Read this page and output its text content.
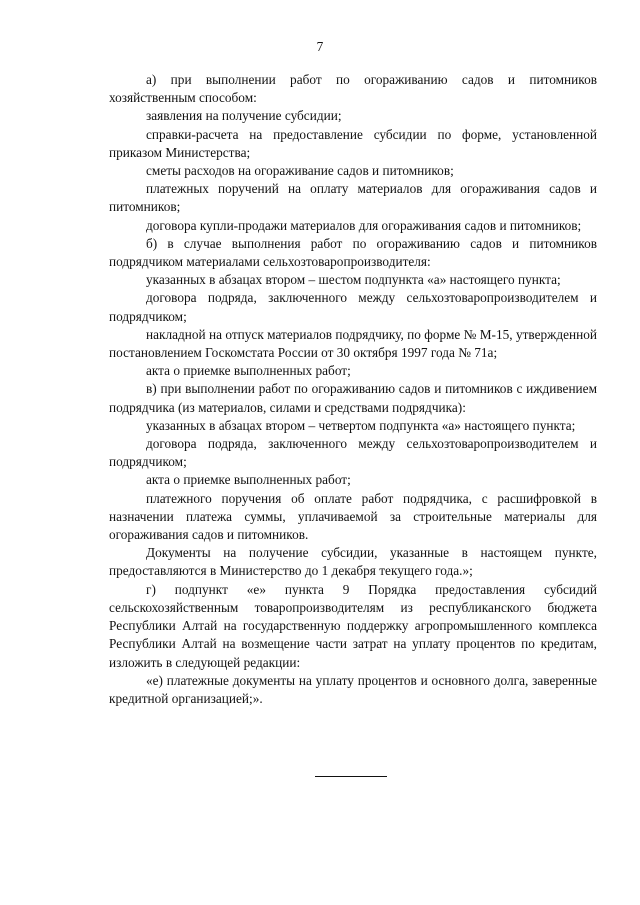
7

а) при выполнении работ по огораживанию садов и питомников хозяйственным способом:

заявления на получение субсидии;

справки-расчета на предоставление субсидии по форме, установленной приказом Министерства;

сметы расходов на огораживание садов и питомников;

платежных поручений на оплату материалов для огораживания садов и питомников;

договора купли-продажи материалов для огораживания садов и питомников;

б) в случае выполнения работ по огораживанию садов и питомников подрядчиком материалами сельхозтоваропроизводителя:

указанных в абзацах втором – шестом подпункта «а» настоящего пункта;

договора подряда, заключенного между сельхозтоваропроизводителем и подрядчиком;

накладной на отпуск материалов подрядчику, по форме № М-15, утвержденной постановлением Госкомстата России от 30 октября 1997 года № 71а;

акта о приемке выполненных работ;

в) при выполнении работ по огораживанию садов и питомников с иждивением подрядчика (из материалов, силами и средствами подрядчика):

указанных в абзацах втором – четвертом подпункта «а» настоящего пункта;

договора подряда, заключенного между сельхозтоваропроизводителем и подрядчиком;

акта о приемке выполненных работ;

платежного поручения об оплате работ подрядчика, с расшифровкой в назначении платежа суммы, уплачиваемой за строительные материалы для огораживания садов и питомников.

Документы на получение субсидии, указанные в настоящем пункте, предоставляются в Министерство до 1 декабря текущего года.»;

г) подпункт «е» пункта 9 Порядка предоставления субсидий сельскохозяйственным товаропроизводителям из республиканского бюджета Республики Алтай на государственную поддержку агропромышленного комплекса Республики Алтай на возмещение части затрат на уплату процентов по кредитам, изложить в следующей редакции:

«е) платежные документы на уплату процентов и основного долга, заверенные кредитной организацией;».
